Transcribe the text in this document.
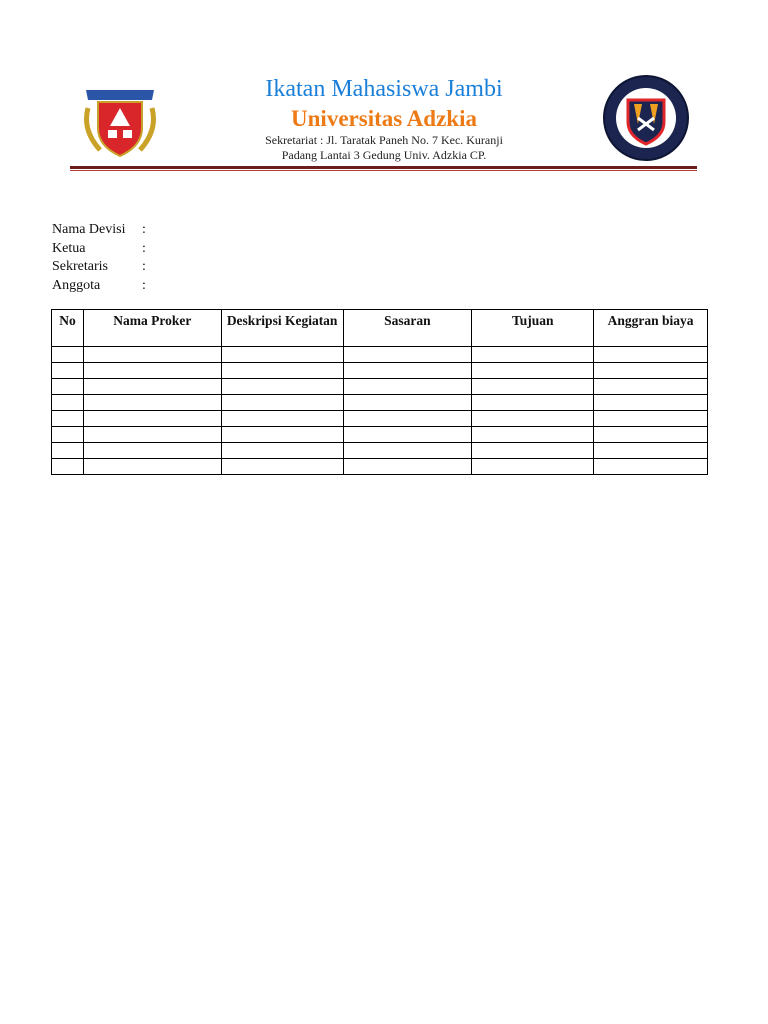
Ikatan Mahasiswa Jambi
Universitas Adzkia
Sekretariat : Jl. Taratak Paneh No. 7 Kec. Kuranji
Padang Lantai 3 Gedung Univ. Adzkia CP.
Nama Devisi	:
Ketua	:
Sekretaris	:
Anggota	:
No	Nama Proker	Deskripsi Kegiatan	Sasaran	Tujuan	Anggran biaya
